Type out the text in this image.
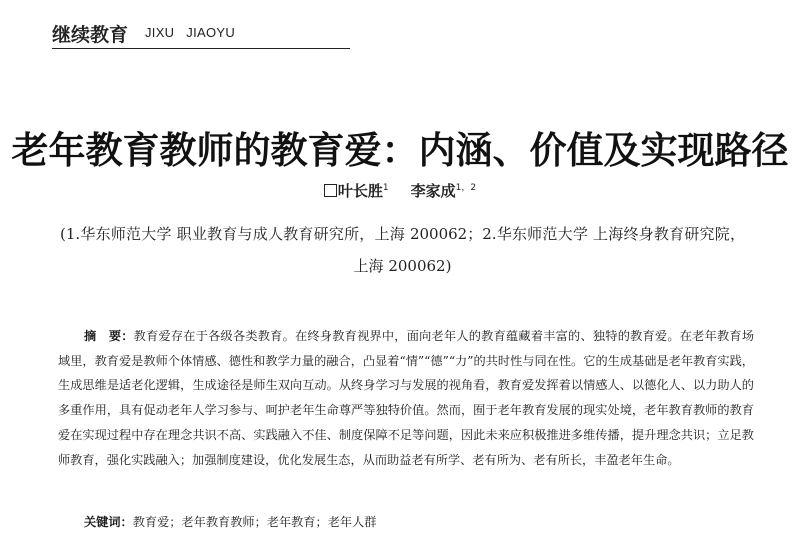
继续教育 JIXU JIAOYU
老年教育教师的教育爱：内涵、价值及实现路径
叶长胜$^1$ 李家成$^{1,2}$
(1.华东师范大学 职业教育与成人教育研究所，上海 200062；2.华东师范大学 上海终身教育研究院，上海 200062)
摘　要：教育爱存在于各级各类教育。在终身教育视界中，面向老年人的教育蕴藏着丰富的、独特的教育爱。在老年教育场域里，教育爱是教师个体情感、德性和教学力量的融合，凸显着“情”“德”“力”的共时性与同在性。它的生成基础是老年教育实践，生成思维是适老化逻辑，生成途径是师生双向互动。从终身学习与发展的视角看，教育爱发挥着以情感人、以德化人、以力助人的多重作用，具有促动老年人学习参与、呵护老年生命尊严等独特价值。然而，囿于老年教育发展的现实处境，老年教育教师的教育爱在实现过程中存在理念共识不高、实践融入不佳、制度保障不足等问题，因此未来应积极推进多维传播，提升理念共识；立足教师教育，强化实践融入；加强制度建设，优化发展生态，从而助益老有所学、老有所为、老有所长，丰盈老年生命。
关键词：教育爱；老年教育教师；老年教育；老年人群
